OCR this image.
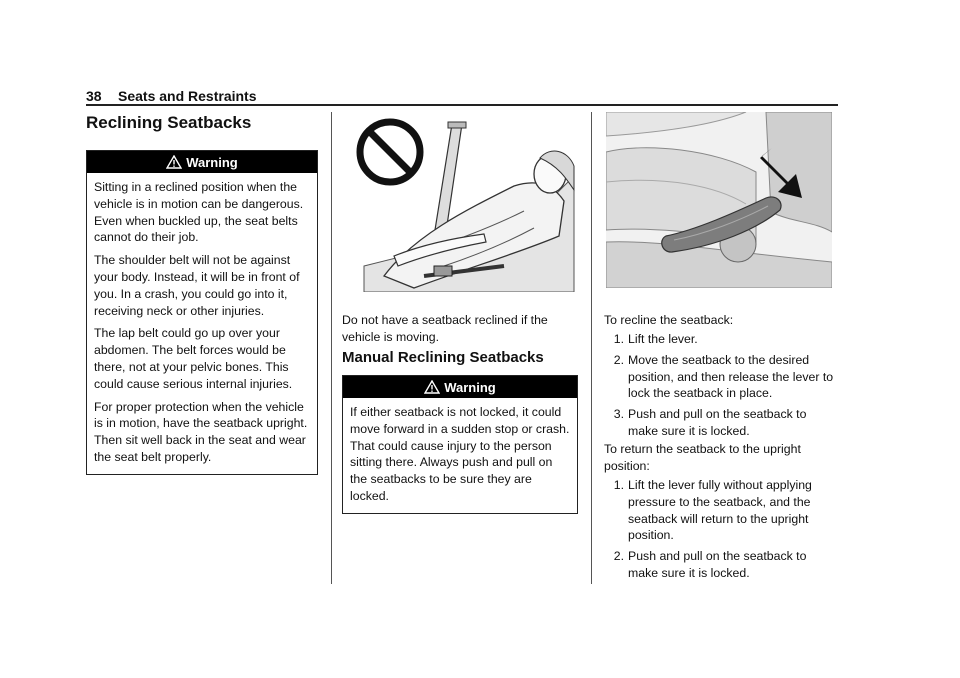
38	Seats and Restraints
Reclining Seatbacks
Warning

Sitting in a reclined position when the vehicle is in motion can be dangerous. Even when buckled up, the seat belts cannot do their job.

The shoulder belt will not be against your body. Instead, it will be in front of you. In a crash, you could go into it, receiving neck or other injuries.

The lap belt could go up over your abdomen. The belt forces would be there, not at your pelvic bones. This could cause serious internal injuries.

For proper protection when the vehicle is in motion, have the seatback upright. Then sit well back in the seat and wear the seat belt properly.

Do not have a seatback reclined if the vehicle is moving.

Manual Reclining Seatbacks
Warning

If either seatback is not locked, it could move forward in a sudden stop or crash. That could cause injury to the person sitting there. Always push and pull on the seatbacks to be sure they are locked.

To recline the seatback:

1. Lift the lever.
2. Move the seatback to the desired position, and then release the lever to lock the seatback in place.
3. Push and pull on the seatback to make sure it is locked.

To return the seatback to the upright position:

1. Lift the lever fully without applying pressure to the seatback, and the seatback will return to the upright position.
2. Push and pull on the seatback to make sure it is locked.
